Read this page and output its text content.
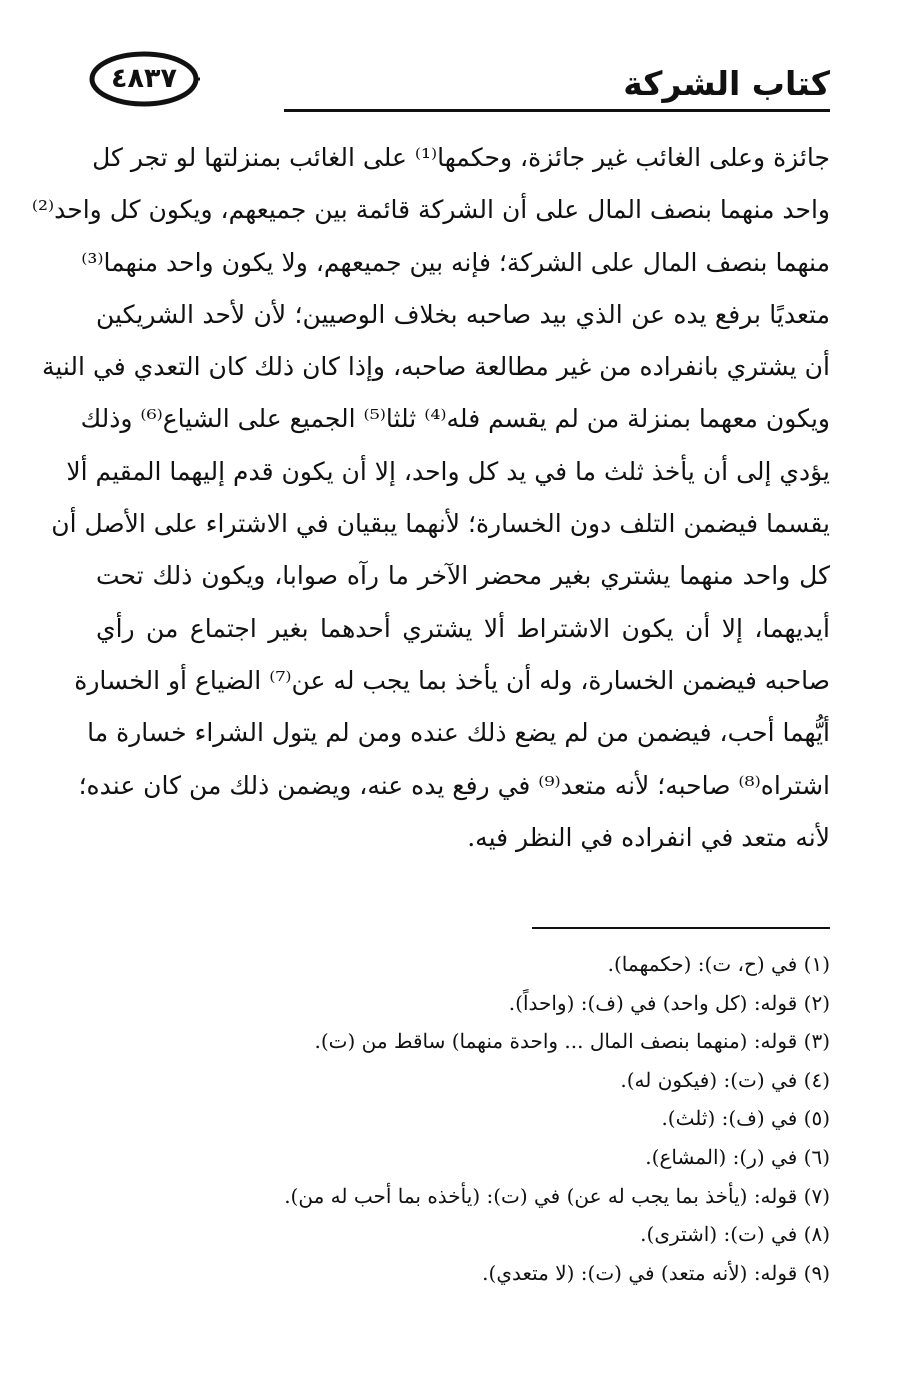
كتاب الشركة
٤٨٣٧
جائزة وعلى الغائب غير جائزة، وحكمها⁽¹⁾ على الغائب بمنزلتها لو تجر كل
واحد منهما بنصف المال على أن الشركة قائمة بين جميعهم، ويكون كل واحد⁽²⁾
منهما بنصف المال على الشركة؛ فإنه بين جميعهم، ولا يكون واحد منهما⁽³⁾
متعديًا برفع يده عن الذي بيد صاحبه بخلاف الوصيين؛ لأن لأحد الشريكين
أن يشتري بانفراده من غير مطالعة صاحبه، وإذا كان ذلك كان التعدي في النية
ويكون معهما بمنزلة من لم يقسم فله⁽⁴⁾ ثلثا⁽⁵⁾ الجميع على الشياع⁽⁶⁾ وذلك
يؤدي إلى أن يأخذ ثلث ما في يد كل واحد، إلا أن يكون قدم إليهما المقيم ألا
يقسما فيضمن التلف دون الخسارة؛ لأنهما يبقيان في الاشتراء على الأصل أن
كل واحد منهما يشتري بغير محضر الآخر ما رآه صوابا، ويكون ذلك تحت
أيديهما، إلا أن يكون الاشتراط ألا يشتري أحدهما بغير اجتماع من رأي
صاحبه فيضمن الخسارة، وله أن يأخذ بما يجب له عن⁽⁷⁾ الضياع أو الخسارة
أيُّهما أحب، فيضمن من لم يضع ذلك عنده ومن لم يتول الشراء خسارة ما
اشتراه⁽⁸⁾ صاحبه؛ لأنه متعد⁽⁹⁾ في رفع يده عنه، ويضمن ذلك من كان عنده؛
لأنه متعد في انفراده في النظر فيه.
(١) في (ح، ت): (حكمهما).
(٢) قوله: (كل واحد) في (ف): (واحداً).
(٣) قوله: (منهما بنصف المال ... واحدة منهما) ساقط من (ت).
(٤) في (ت): (فيكون له).
(٥) في (ف): (ثلث).
(٦) في (ر): (المشاع).
(٧) قوله: (يأخذ بما يجب له عن) في (ت): (يأخذه بما أحب له من).
(٨) في (ت): (اشترى).
(٩) قوله: (لأنه متعد) في (ت): (لا متعدي).
